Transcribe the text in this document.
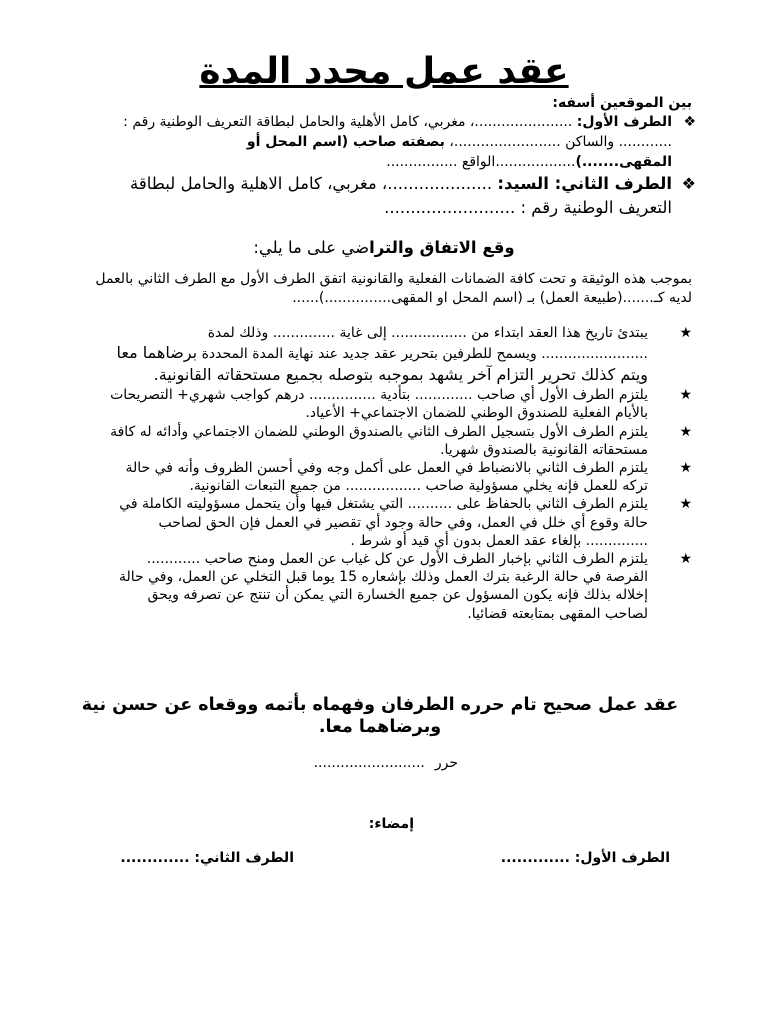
عقد عمل محدد المدة

بين الموقعين أسفه:

❖
الطرف الأول: ......................، مغربي، كامل الأهلية والحامل لبطاقة التعريف الوطنية رقم : ............ والساكن ........................، بصفته صاحب (اسم المحل أو المقهى.......)..................الواقع ................
❖
الطرف الثاني: السيد: ....................، مغربي، كامل الاهلية والحامل لبطاقة التعريف الوطنية رقم : .........................

وقع الاتفاق والتراضي على ما يلي:

بموجب هذه الوثيقة و تحت كافة الضمانات الفعلية والقانونية اتفق الطرف الأول مع الطرف الثاني بالعمل لديه كـ.......(طبيعة العمل) بـ (اسم المحل او المقهى...............)......

★
يبتدئ تاريخ هذا العقد ابتداء من ................. إلى غاية .............. وذلك لمدة ........................ ويسمح للطرفين بتحرير عقد جديد عند نهاية المدة المحددة برضاهما معا ويتم كذلك تحرير التزام آخر يشهد بموجبه بتوصله بجميع مستحقاته القانونية.
★
يلتزم الطرف الأول أي صاحب ............. بتأدية ............... درهم كواجب شهري+ التصريحات بالأيام الفعلية للصندوق الوطني للضمان الاجتماعي+ الأعياد.
★
يلتزم الطرف الأول بتسجيل الطرف الثاني بالصندوق الوطني للضمان الاجتماعي وأدائه له كافة مستحقاته القانونية بالصندوق شهريا.
★
يلتزم الطرف الثاني بالانضباط في العمل على أكمل وجه وفي أحسن الظروف وأنه في حالة تركه للعمل فإنه يخلي مسؤولية صاحب ................. من جميع التبعات القانونية.
★
يلتزم الطرف الثاني بالحفاظ على .......... التي يشتغل فيها وأن يتحمل مسؤوليته الكاملة في حالة وقوع أي خلل في العمل، وفي حالة وجود أي تقصير في العمل فإن الحق لصاحب .............. بإلغاء عقد العمل بدون أي قيد أو شرط .
★
يلتزم الطرف الثاني بإخبار الطرف الأول عن كل غياب عن العمل ومنح صاحب ............ الفرصة في حالة الرغبة بترك العمل وذلك بإشعاره 15 يوما قبل التخلي عن العمل، وفي حالة إخلاله بذلك فإنه يكون المسؤول عن جميع الخسارة التي يمكن أن تنتج عن تصرفه ويحق لصاحب المقهى بمتابعته قضائيا.

عقد عمل صحيح تام حرره الطرفان وفهماه بأتمه ووقعاه عن حسن نية وبرضاهما معا.

حرر.........................

إمضاء:

الطرف الأول: .............

الطرف الثاني: .............
